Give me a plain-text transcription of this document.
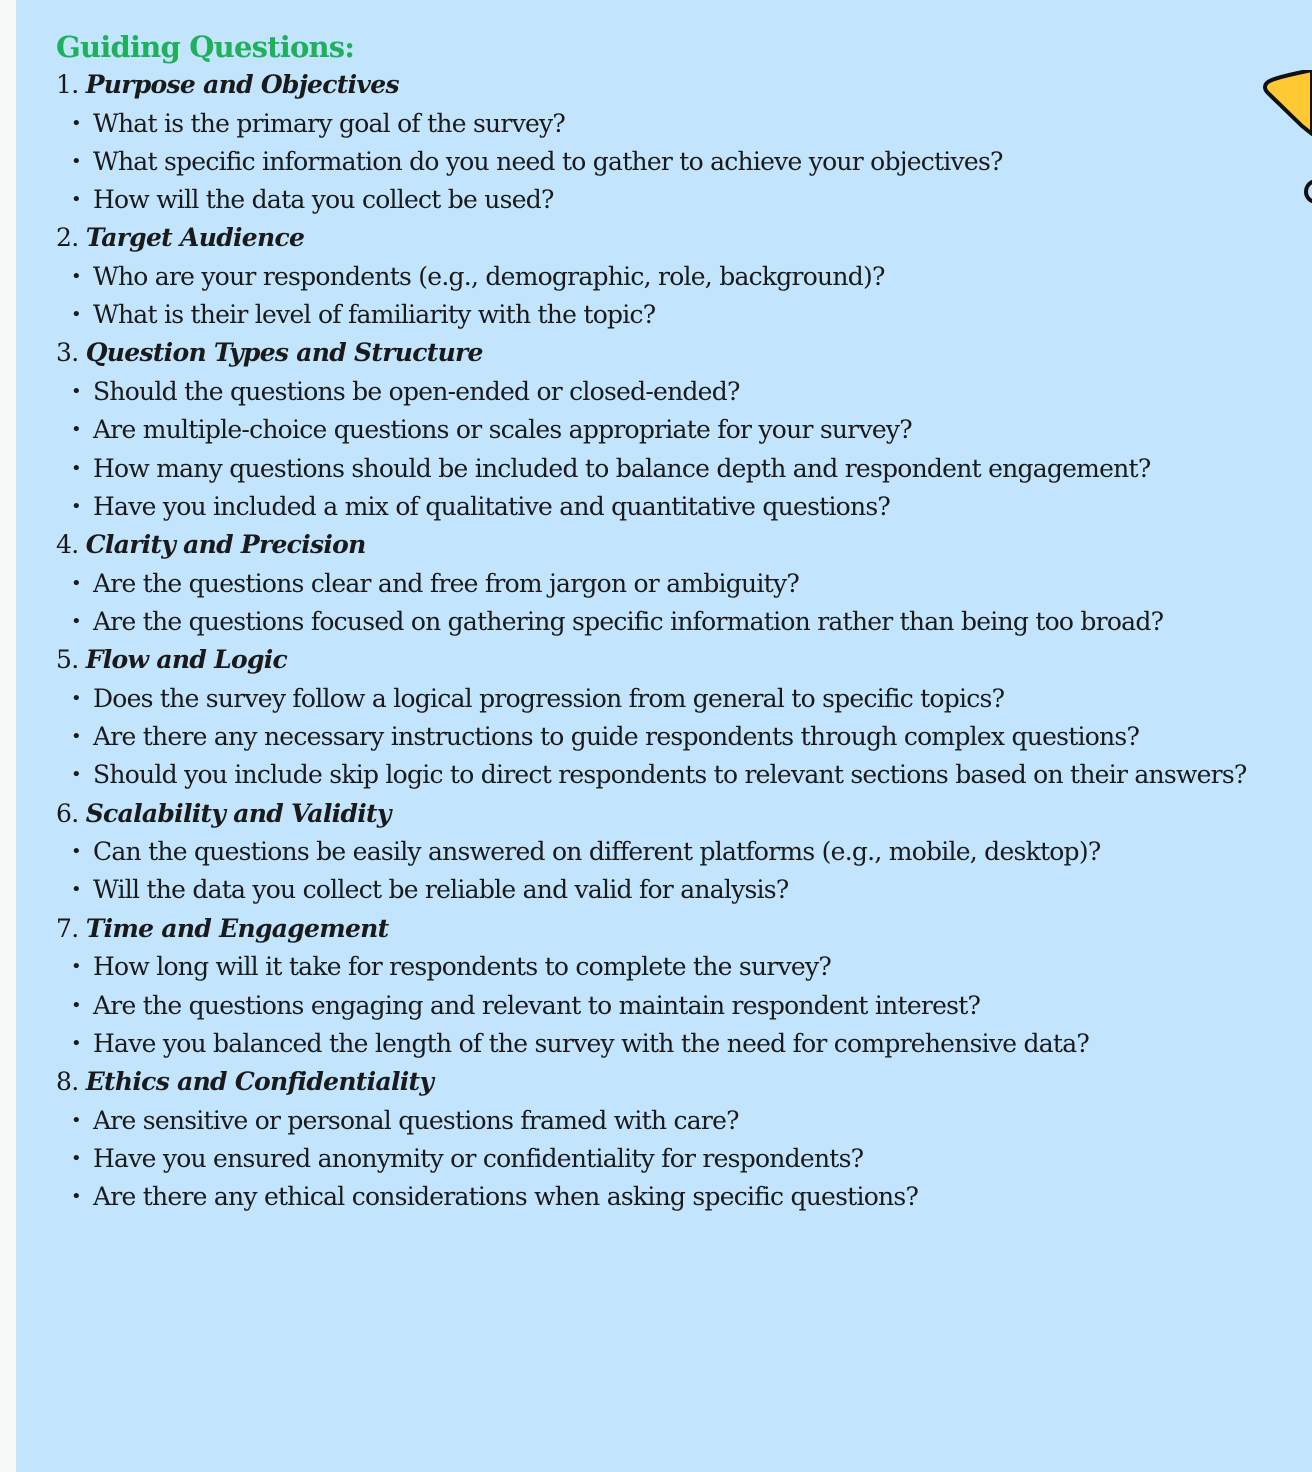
Guiding Questions:
1. Purpose and Objectives
• What is the primary goal of the survey?
• What specific information do you need to gather to achieve your objectives?
• How will the data you collect be used?
2. Target Audience
• Who are your respondents (e.g., demographic, role, background)?
• What is their level of familiarity with the topic?
3. Question Types and Structure
• Should the questions be open-ended or closed-ended?
• Are multiple-choice questions or scales appropriate for your survey?
• How many questions should be included to balance depth and respondent engagement?
• Have you included a mix of qualitative and quantitative questions?
4. Clarity and Precision
• Are the questions clear and free from jargon or ambiguity?
• Are the questions focused on gathering specific information rather than being too broad?
5. Flow and Logic
• Does the survey follow a logical progression from general to specific topics?
• Are there any necessary instructions to guide respondents through complex questions?
• Should you include skip logic to direct respondents to relevant sections based on their answers?
6. Scalability and Validity
• Can the questions be easily answered on different platforms (e.g., mobile, desktop)?
• Will the data you collect be reliable and valid for analysis?
7. Time and Engagement
• How long will it take for respondents to complete the survey?
• Are the questions engaging and relevant to maintain respondent interest?
• Have you balanced the length of the survey with the need for comprehensive data?
8. Ethics and Confidentiality
• Are sensitive or personal questions framed with care?
• Have you ensured anonymity or confidentiality for respondents?
• Are there any ethical considerations when asking specific questions?
